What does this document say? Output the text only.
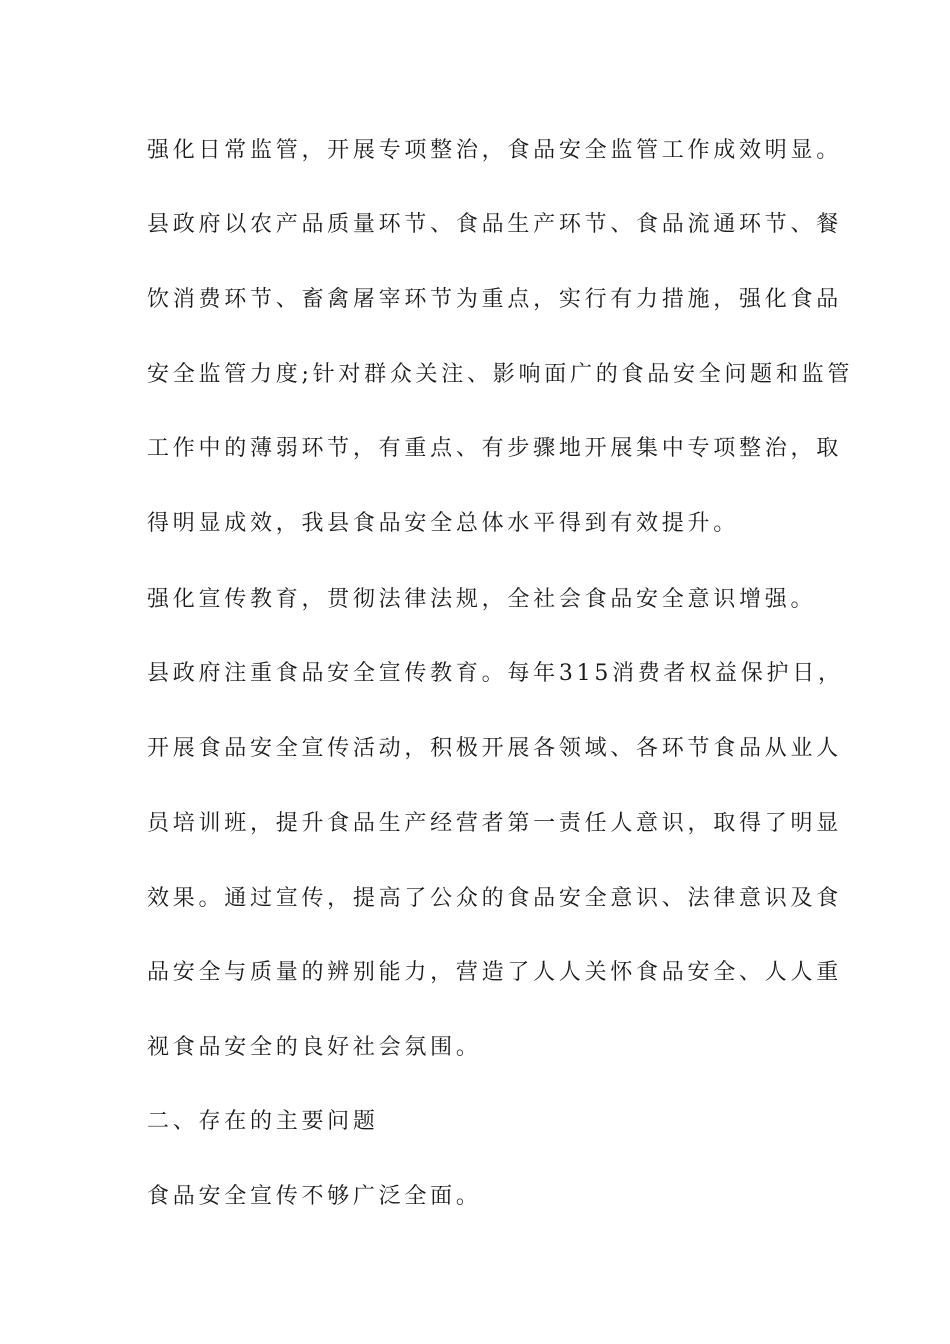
强化日常监管，开展专项整治，食品安全监管工作成效明显。

县政府以农产品质量环节、食品生产环节、食品流通环节、餐

饮消费环节、畜禽屠宰环节为重点，实行有力措施，强化食品

安全监管力度;针对群众关注、影响面广的食品安全问题和监管

工作中的薄弱环节，有重点、有步骤地开展集中专项整治，取

得明显成效，我县食品安全总体水平得到有效提升。

强化宣传教育，贯彻法律法规，全社会食品安全意识增强。

县政府注重食品安全宣传教育。每年315消费者权益保护日，

开展食品安全宣传活动，积极开展各领域、各环节食品从业人

员培训班，提升食品生产经营者第一责任人意识，取得了明显

效果。通过宣传，提高了公众的食品安全意识、法律意识及食

品安全与质量的辨别能力，营造了人人关怀食品安全、人人重

视食品安全的良好社会氛围。

二、存在的主要问题

食品安全宣传不够广泛全面。
